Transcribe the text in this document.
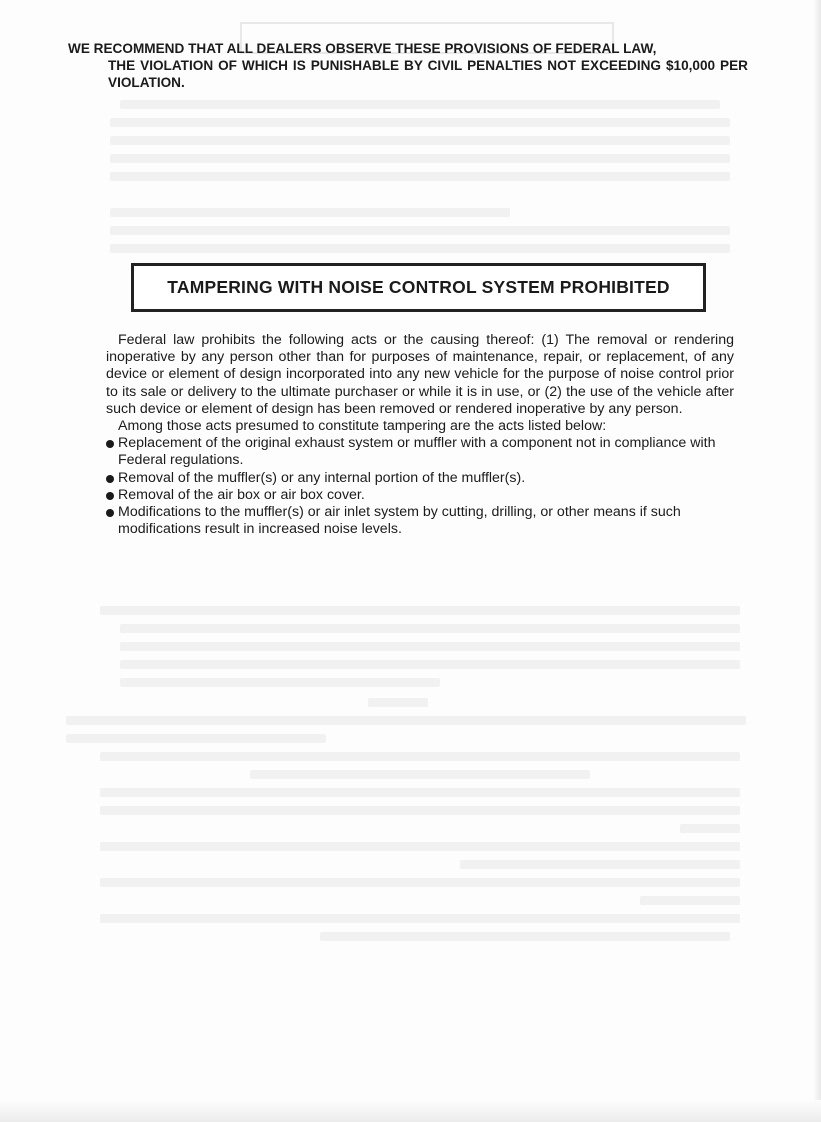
WE RECOMMEND THAT ALL DEALERS OBSERVE THESE PROVISIONS OF FEDERAL LAW,
THE VIOLATION OF WHICH IS PUNISHABLE BY CIVIL PENALTIES NOT EXCEEDING $10,000 PER VIOLATION.
TAMPERING WITH NOISE CONTROL SYSTEM PROHIBITED

Federal law prohibits the following acts or the causing thereof: (1) The removal or rendering inoperative by any person other than for purposes of maintenance, repair, or replacement, of any device or element of design incorporated into any new vehicle for the purpose of noise control prior to its sale or delivery to the ultimate purchaser or while it is in use, or (2) the use of the vehicle after such device or element of design has been removed or rendered inoperative by any person.

Among those acts presumed to constitute tampering are the acts listed below:

Replacement of the original exhaust system or muffler with a component not in compliance with Federal regulations.
Removal of the muffler(s) or any internal portion of the muffler(s).
Removal of the air box or air box cover.
Modifications to the muffler(s) or air inlet system by cutting, drilling, or other means if such modifications result in increased noise levels.
